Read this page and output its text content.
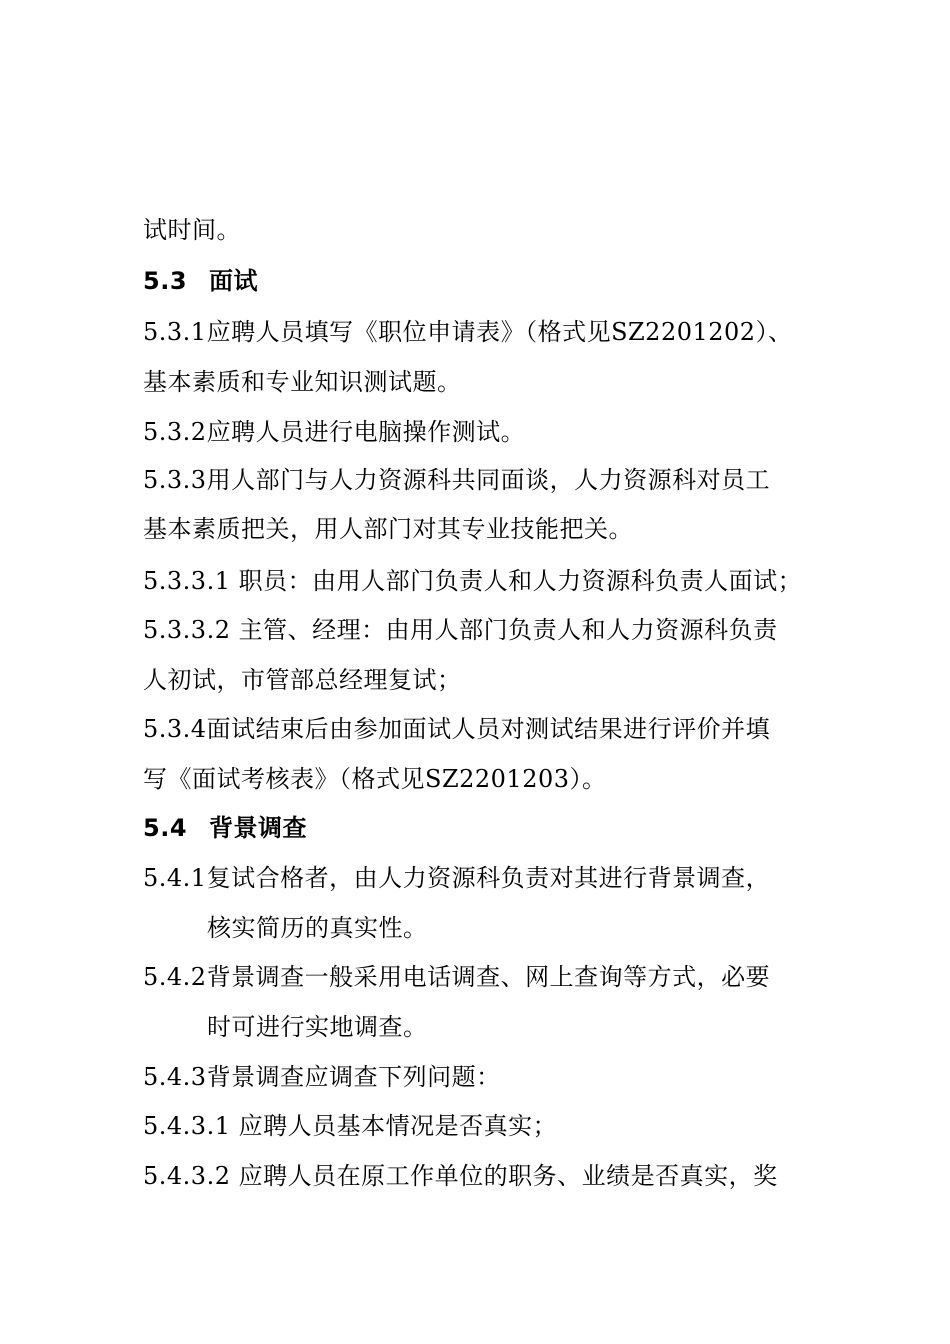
试时间。
5.3 面试
5.3.1应聘人员填写《职位申请表》（格式见SZ2201202）、
基本素质和专业知识测试题。
5.3.2应聘人员进行电脑操作测试。
5.3.3用人部门与人力资源科共同面谈，人力资源科对员工
基本素质把关，用人部门对其专业技能把关。
5.3.3.1 职员：由用人部门负责人和人力资源科负责人面试；
5.3.3.2 主管、经理：由用人部门负责人和人力资源科负责
人初试，市管部总经理复试；
5.3.4面试结束后由参加面试人员对测试结果进行评价并填
写《面试考核表》（格式见SZ2201203）。
5.4 背景调查
5.4.1复试合格者，由人力资源科负责对其进行背景调查，
核实简历的真实性。
5.4.2背景调查一般采用电话调查、网上查询等方式，必要
时可进行实地调查。
5.4.3背景调查应调查下列问题：
5.4.3.1 应聘人员基本情况是否真实；
5.4.3.2 应聘人员在原工作单位的职务、业绩是否真实，奖
